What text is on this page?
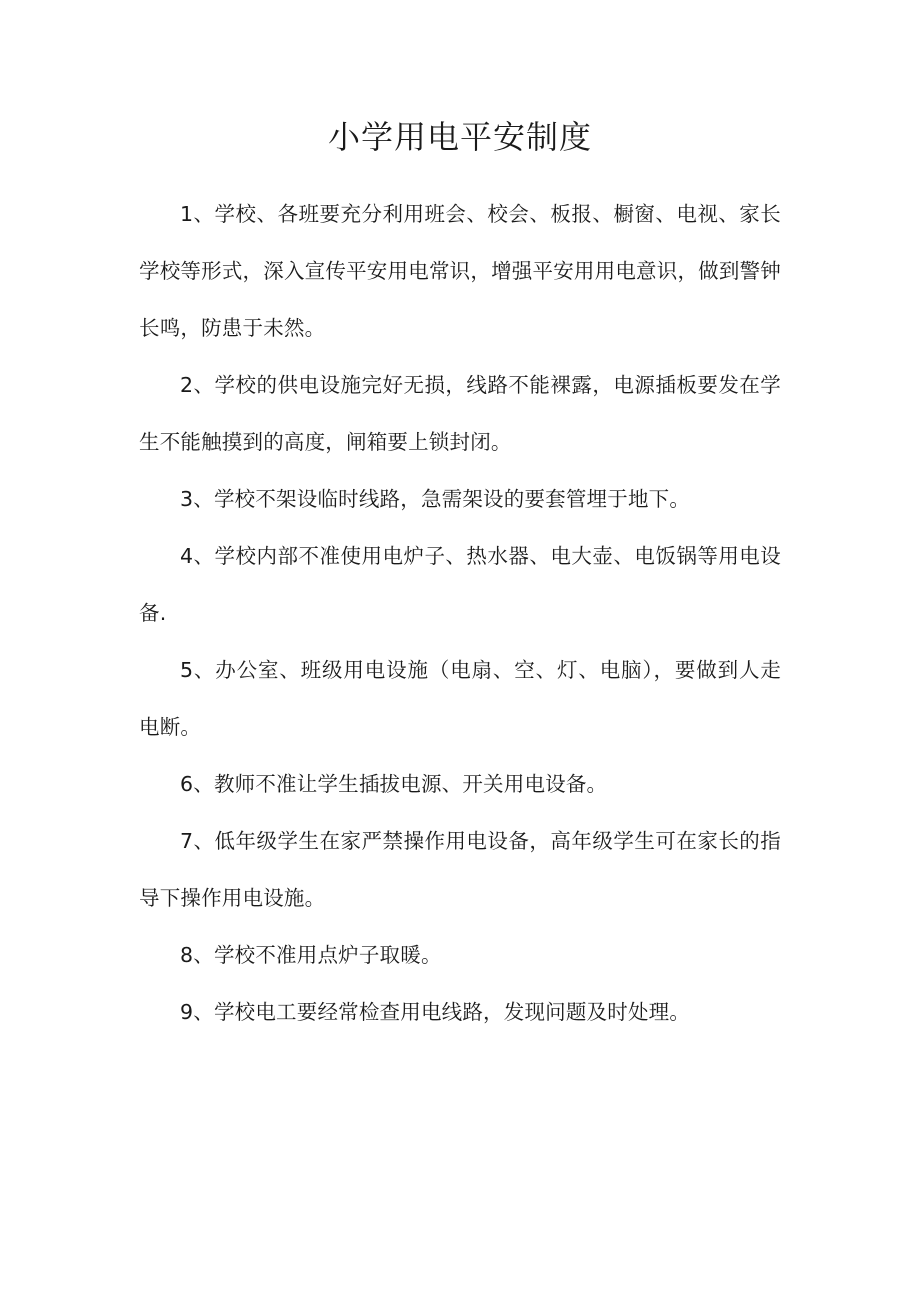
小学用电平安制度

1、学校、各班要充分利用班会、校会、板报、橱窗、电视、家长学校等形式，深入宣传平安用电常识，增强平安用用电意识，做到警钟长鸣，防患于未然。

2、学校的供电设施完好无损，线路不能裸露，电源插板要发在学生不能触摸到的高度，闸箱要上锁封闭。

3、学校不架设临时线路，急需架设的要套管埋于地下。

4、学校内部不准使用电炉子、热水器、电大壶、电饭锅等用电设备.

5、办公室、班级用电设施（电扇、空、灯、电脑），要做到人走电断。

6、教师不准让学生插拔电源、开关用电设备。

7、低年级学生在家严禁操作用电设备，高年级学生可在家长的指导下操作用电设施。

8、学校不准用点炉子取暖。

9、学校电工要经常检查用电线路，发现问题及时处理。
